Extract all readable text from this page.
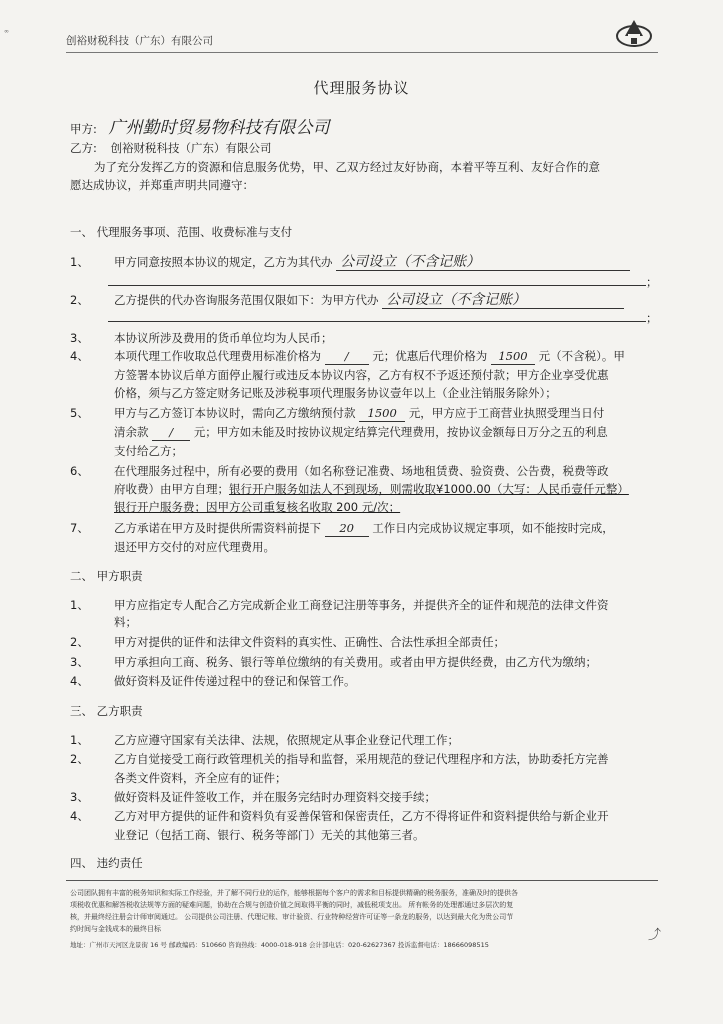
∞
创裕财税科技（广东）有限公司
代理服务协议
甲方: 广州勤时贸易物科技有限公司
乙方: 创裕财税科技（广东）有限公司
为了充分发挥乙方的资源和信息服务优势，甲、乙双方经过友好协商，本着平等互利、友好合作的意
愿达成协议，并郑重声明共同遵守：
一、 代理服务事项、范围、收费标准与支付
1、 甲方同意按照本协议的规定，乙方为其代办 公司设立（不含记账）
；
2、 乙方提供的代办咨询服务范围仅限如下：为甲方代办 公司设立（不含记账）
；
3、 本协议所涉及费用的货币单位均为人民币；
4、 本项代理工作收取总代理费用标准价格为 / 元；优惠后代理价格为 1500 元（不含税）。甲
方签署本协议后单方面停止履行或违反本协议内容，乙方有权不予返还预付款；甲方企业享受优惠
价格，须与乙方签定财务记账及涉税事项代理服务协议壹年以上（企业注销服务除外）；
5、 甲方与乙方签订本协议时，需向乙方缴纳预付款 1500 元，甲方应于工商营业执照受理当日付
清余款 / 元；甲方如未能及时按协议规定结算完代理费用，按协议金额每日万分之五的利息
支付给乙方；
6、 在代理服务过程中，所有必要的费用（如名称登记准费、场地租赁费、验资费、公告费，税费等政
府收费）由甲方自理；银行开户服务如法人不到现场，则需收取¥1000.00（大写：人民币壹仟元整）
银行开户服务费；因甲方公司重复核名收取 200 元/次；
7、 乙方承诺在甲方及时提供所需资料前提下 20 工作日内完成协议规定事项，如不能按时完成，
退还甲方交付的对应代理费用。
二、 甲方职责
1、 甲方应指定专人配合乙方完成新企业工商登记注册等事务，并提供齐全的证件和规范的法律文件资
料；
2、 甲方对提供的证件和法律文件资料的真实性、正确性、合法性承担全部责任；
3、 甲方承担向工商、税务、银行等单位缴纳的有关费用。或者由甲方提供经费，由乙方代为缴纳；
4、 做好资料及证件传递过程中的登记和保管工作。
三、 乙方职责
1、 乙方应遵守国家有关法律、法规，依照规定从事企业登记代理工作；
2、 乙方自觉接受工商行政管理机关的指导和监督，采用规范的登记代理程序和方法，协助委托方完善
各类文件资料，齐全应有的证件；
3、 做好资料及证件签收工作，并在服务完结时办理资料交接手续；
4、 乙方对甲方提供的证件和资料负有妥善保管和保密责任，乙方不得将证件和资料提供给与新企业开
业登记（包括工商、银行、税务等部门）无关的其他第三者。
四、 违约责任
公司团队拥有丰富的税务知识和实际工作经验，并了解不同行业的运作，能够根据每个客户的需求和目标提供精确的税务服务，准确及时的提供各
项税收优惠和解答税收法规等方面的疑难问题，协助在合规与创造价值之间取得平衡的同时，减低税项支出。 所有帐务的处理都通过多层次的复
核，并最终经注册会计师审阅通过。 公司提供公司注册、代理记账、审计验资、行业特种经营许可证等一条龙的服务，以达到最大化为贵公司节
约时间与金钱成本的最终目标
地址：广州市天河区龙景街 16 号 邮政编码：510660 咨询热线：4000-018-918 会计部电话：020-62627367 投诉监督电话：18666098515
⤴
